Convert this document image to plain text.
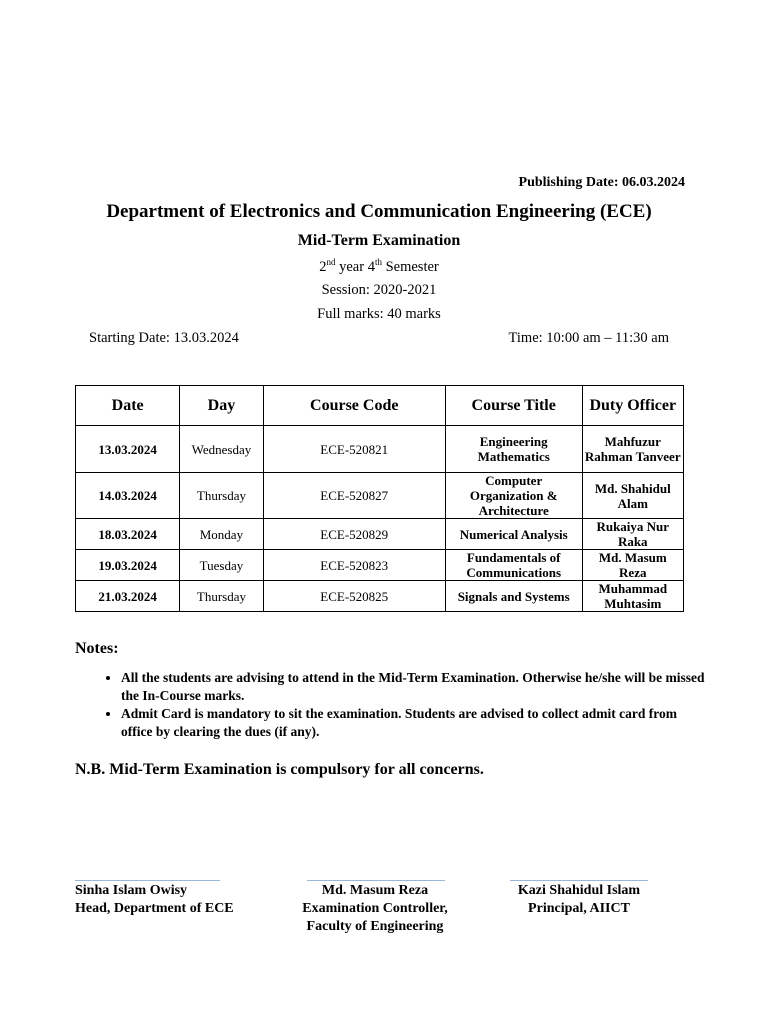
Publishing Date: 06.03.2024
Department of Electronics and Communication Engineering (ECE)
Mid-Term Examination
2nd year 4th Semester
Session: 2020-2021
Full marks: 40 marks
Starting Date: 13.03.2024	Time: 10:00 am – 11:30 am
Date	Day	Course Code	Course Title	Duty Officer
13.03.2024	Wednesday	ECE-520821	Engineering Mathematics	Mahfuzur Rahman Tanveer
14.03.2024	Thursday	ECE-520827	Computer Organization & Architecture	Md. Shahidul Alam
18.03.2024	Monday	ECE-520829	Numerical Analysis	Rukaiya Nur Raka
19.03.2024	Tuesday	ECE-520823	Fundamentals of Communications	Md. Masum Reza
21.03.2024	Thursday	ECE-520825	Signals and Systems	Muhammad Muhtasim
Notes:
• All the students are advising to attend in the Mid-Term Examination. Otherwise he/she will be missed the In-Course marks.
• Admit Card is mandatory to sit the examination. Students are advised to collect admit card from office by clearing the dues (if any).
N.B. Mid-Term Examination is compulsory for all concerns.
Sinha Islam Owisy
Head, Department of ECE
Md. Masum Reza
Examination Controller,
Faculty of Engineering
Kazi Shahidul Islam
Principal, AIICT
